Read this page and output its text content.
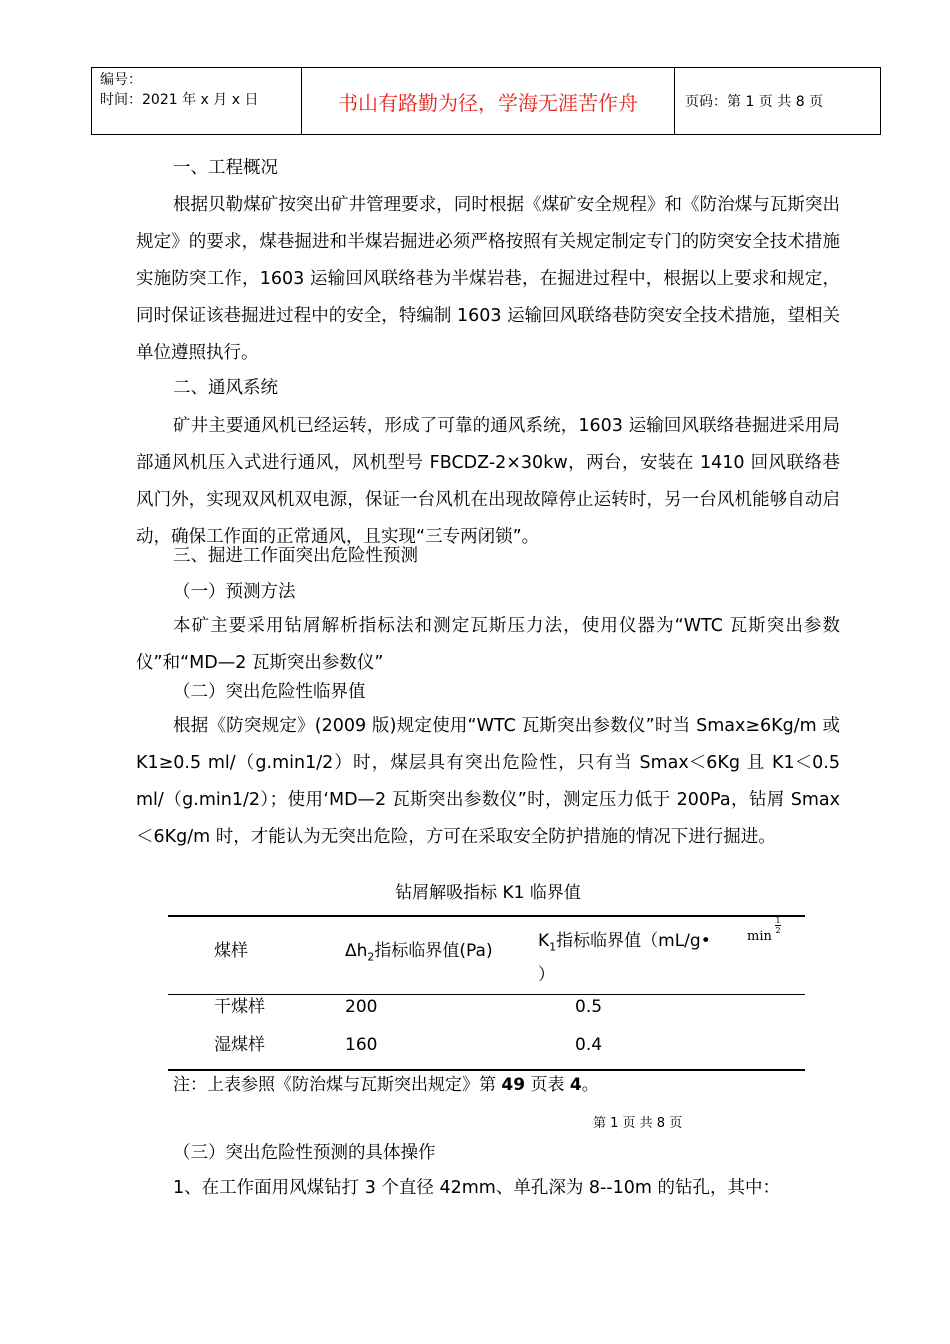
编号：
时间：2021 年 x 月 x 日	书山有路勤为径，学海无涯苦作舟	页码：第 1 页 共 8 页

一、工程概况

根据贝勒煤矿按突出矿井管理要求，同时根据《煤矿安全规程》和《防治煤与瓦斯突出规定》的要求，煤巷掘进和半煤岩掘进必须严格按照有关规定制定专门的防突安全技术措施实施防突工作，1603 运输回风联络巷为半煤岩巷，在掘进过程中，根据以上要求和规定，同时保证该巷掘进过程中的安全，特编制 1603 运输回风联络巷防突安全技术措施，望相关单位遵照执行。

二、通风系统

矿井主要通风机已经运转，形成了可靠的通风系统，1603 运输回风联络巷掘进采用局部通风机压入式进行通风，风机型号 FBCDZ-2×30kw，两台，安装在 1410 回风联络巷风门外，实现双风机双电源，保证一台风机在出现故障停止运转时，另一台风机能够自动启动，确保工作面的正常通风，且实现“三专两闭锁”。

三、掘进工作面突出危险性预测

（一）预测方法

本矿主要采用钻屑解析指标法和测定瓦斯压力法，使用仪器为“WTC 瓦斯突出参数仪”和“MD—2 瓦斯突出参数仪”

（二）突出危险性临界值

根据《防突规定》(2009 版)规定使用“WTC 瓦斯突出参数仪”时当 Smax≥6Kg/m 或 K1≥0.5 ml/（g.min1/2）时，煤层具有突出危险性，只有当 Smax＜6Kg 且 K1＜0.5 ml/（g.min1/2）；使用‘MD—2 瓦斯突出参数仪”时，测定压力低于 200Pa，钻屑 Smax＜6Kg/m 时，才能认为无突出危险，方可在采取安全防护措施的情况下进行掘进。

钻屑解吸指标 K1 临界值

煤样	$\Delta h_2$指标临界值(Pa)	$K_1$指标临界值（mL/g•	min
1
2
）
干煤样	200	0.5
湿煤样	160	0.4
注：上表参照《防治煤与瓦斯突出规定》第 49 页表 4。
第 1 页 共 8 页

（三）突出危险性预测的具体操作

1、在工作面用风煤钻打 3 个直径 42mm、单孔深为 8--10m 的钻孔，其中：
